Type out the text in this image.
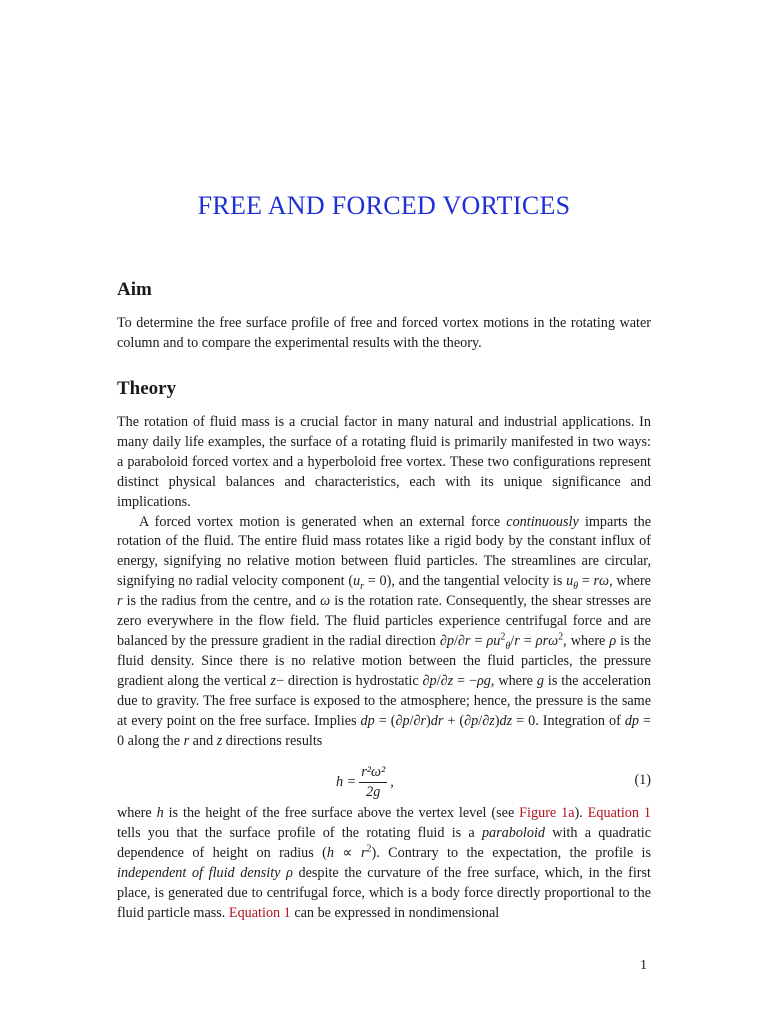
FREE AND FORCED VORTICES
Aim

To determine the free surface profile of free and forced vortex motions in the rotating water column and to compare the experimental results with the theory.

Theory

The rotation of fluid mass is a crucial factor in many natural and industrial applications. In many daily life examples, the surface of a rotating fluid is primarily manifested in two ways: a paraboloid forced vortex and a hyperboloid free vortex. These two configurations represent distinct physical balances and characteristics, each with its unique significance and implications.

A forced vortex motion is generated when an external force continuously imparts the rotation of the fluid. The entire fluid mass rotates like a rigid body by the constant influx of energy, signifying no relative motion between fluid particles. The streamlines are circular, signifying no radial velocity component $(u_r = 0)$, and the tangential velocity is $u_\theta = r\omega$, where r is the radius from the centre, and ω is the rotation rate. Consequently, the shear stresses are zero everywhere in the flow field. The fluid particles experience centrifugal force and are balanced by the pressure gradient in the radial direction $\partial p/\partial r = \rho u^2_\theta/r = \rho r\omega^2$, where ρ is the fluid density. Since there is no relative motion between the fluid particles, the pressure gradient along the vertical z− direction is hydrostatic ∂p/∂z = −ρg, where g is the acceleration due to gravity. The free surface is exposed to the atmosphere; hence, the pressure is the same at every point on the free surface. Implies dp = (∂p/∂r)dr + (∂p/∂z)dz = 0. Integration of dp = 0 along the r and z directions results

$h = \frac{\text{r²ω²}}{2g}$ ,	(1)

where h is the height of the free surface above the vertex level (see Figure 1a). Equation 1 tells you that the surface profile of the rotating fluid is a paraboloid with a quadratic dependence of height on radius $(h \propto r^2)$. Contrary to the expectation, the profile is independent of fluid density ρ despite the curvature of the free surface, which, in the first place, is generated due to centrifugal force, which is a body force directly proportional to the fluid particle mass. Equation 1 can be expressed in nondimensional

1
